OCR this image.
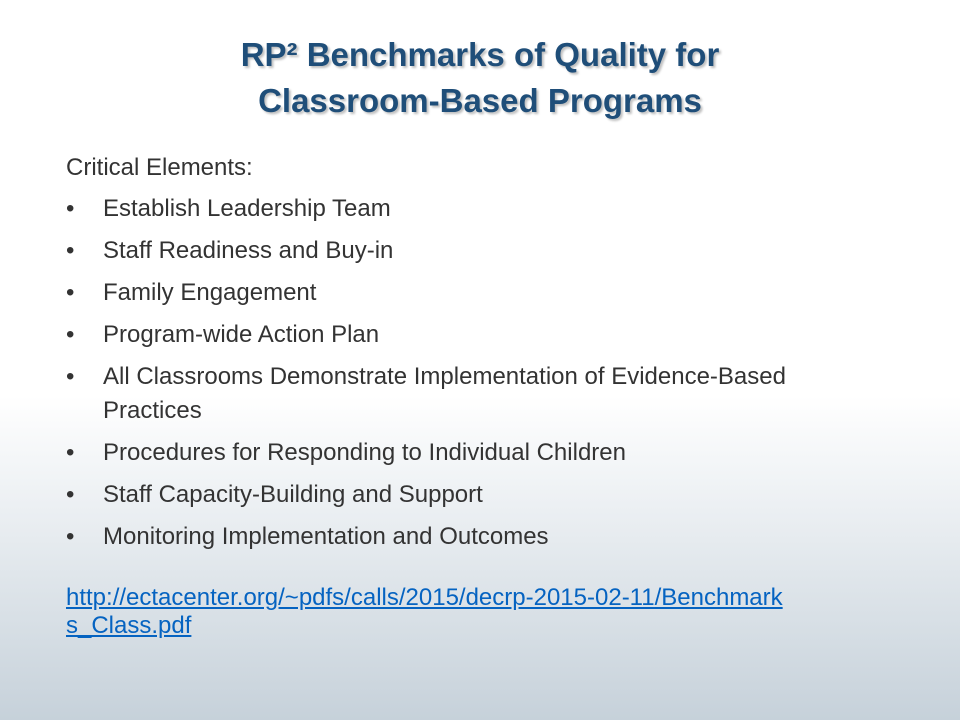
RP² Benchmarks of Quality for
Classroom-Based Programs
Critical Elements:
• Establish Leadership Team
• Staff Readiness and Buy-in
• Family Engagement
• Program-wide Action Plan
• All Classrooms Demonstrate Implementation of Evidence-Based Practices
• Procedures for Responding to Individual Children
• Staff Capacity-Building and Support
• Monitoring Implementation and Outcomes
http://ectacenter.org/~pdfs/calls/2015/decrp-2015-02-11/Benchmarks_Class.pdf
